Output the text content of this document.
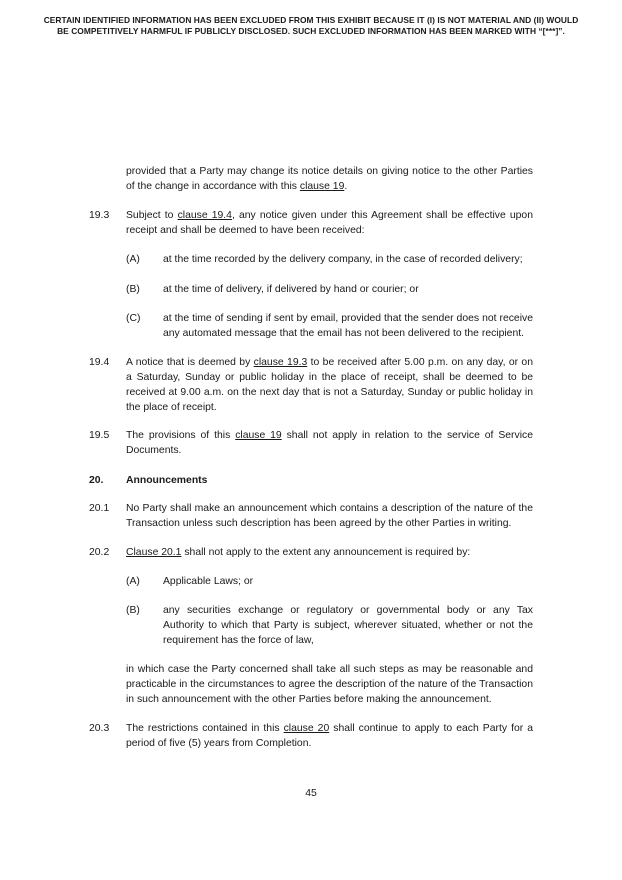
CERTAIN IDENTIFIED INFORMATION HAS BEEN EXCLUDED FROM THIS EXHIBIT BECAUSE IT (I) IS NOT MATERIAL AND (II) WOULD
BE COMPETITIVELY HARMFUL IF PUBLICLY DISCLOSED. SUCH EXCLUDED INFORMATION HAS BEEN MARKED WITH “[***]”.
provided that a Party may change its notice details on giving notice to the other Parties of the change in accordance with this clause 19.
19.3 Subject to clause 19.4, any notice given under this Agreement shall be effective upon receipt and shall be deemed to have been received:
(A) at the time recorded by the delivery company, in the case of recorded delivery;
(B) at the time of delivery, if delivered by hand or courier; or
(C) at the time of sending if sent by email, provided that the sender does not receive any automated message that the email has not been delivered to the recipient.
19.4 A notice that is deemed by clause 19.3 to be received after 5.00 p.m. on any day, or on a Saturday, Sunday or public holiday in the place of receipt, shall be deemed to be received at 9.00 a.m. on the next day that is not a Saturday, Sunday or public holiday in the place of receipt.
19.5 The provisions of this clause 19 shall not apply in relation to the service of Service Documents.
20. Announcements
20.1 No Party shall make an announcement which contains a description of the nature of the Transaction unless such description has been agreed by the other Parties in writing.
20.2 Clause 20.1 shall not apply to the extent any announcement is required by:
(A) Applicable Laws; or
(B) any securities exchange or regulatory or governmental body or any Tax Authority to which that Party is subject, wherever situated, whether or not the requirement has the force of law,
in which case the Party concerned shall take all such steps as may be reasonable and practicable in the circumstances to agree the description of the nature of the Transaction in such announcement with the other Parties before making the announcement.
20.3 The restrictions contained in this clause 20 shall continue to apply to each Party for a period of five (5) years from Completion.
45
